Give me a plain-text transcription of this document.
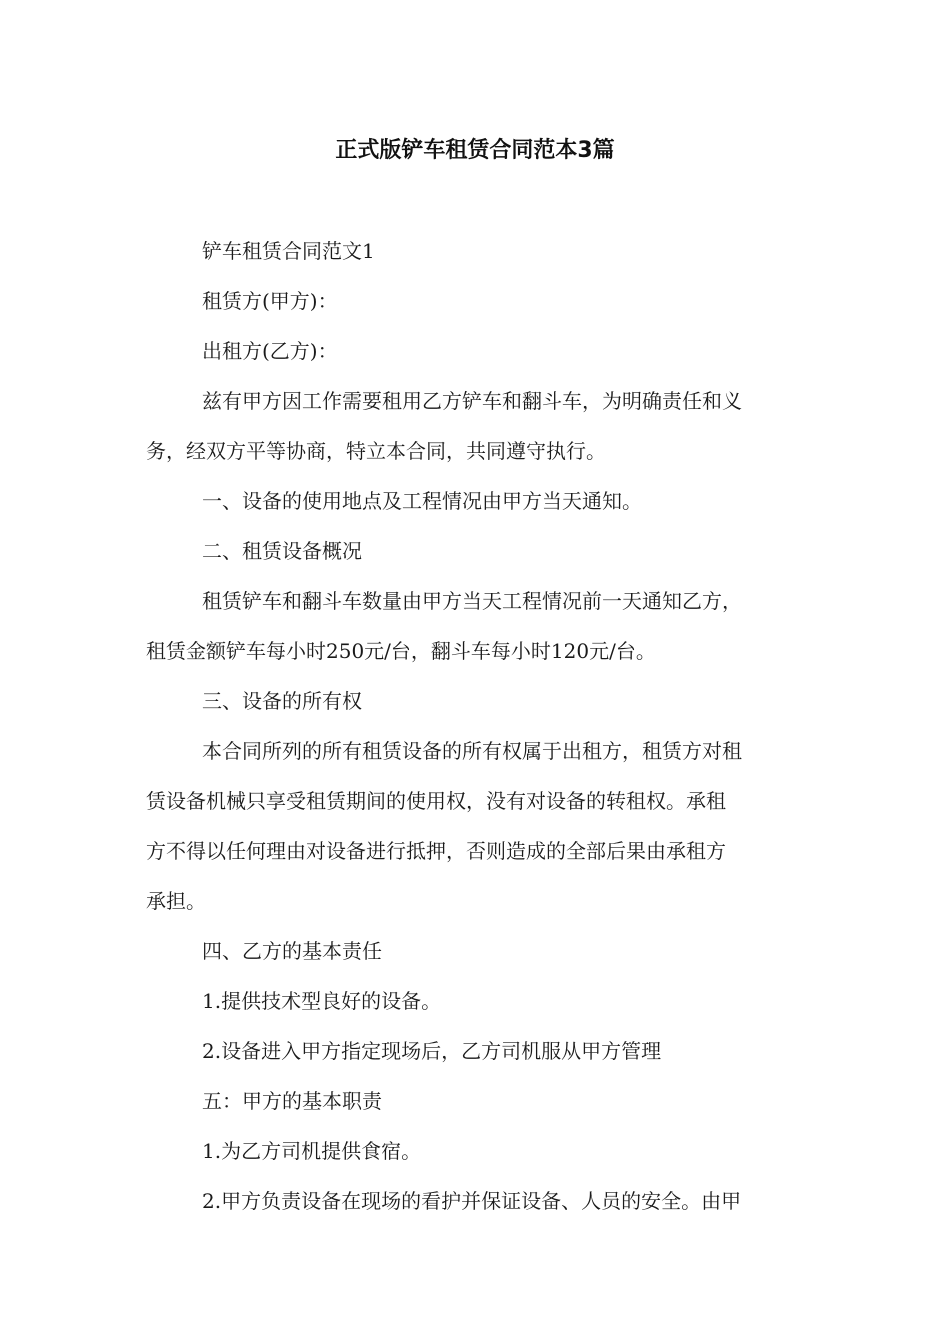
正式版铲车租赁合同范本3篇

铲车租赁合同范文1

租赁方(甲方)：

出租方(乙方)：

兹有甲方因工作需要租用乙方铲车和翻斗车，为明确责任和义

务，经双方平等协商，特立本合同，共同遵守执行。

一、设备的使用地点及工程情况由甲方当天通知。

二、租赁设备概况

租赁铲车和翻斗车数量由甲方当天工程情况前一天通知乙方，

租赁金额铲车每小时250元/台，翻斗车每小时120元/台。

三、设备的所有权

本合同所列的所有租赁设备的所有权属于出租方，租赁方对租

赁设备机械只享受租赁期间的使用权，没有对设备的转租权。承租

方不得以任何理由对设备进行抵押，否则造成的全部后果由承租方

承担。

四、乙方的基本责任

1.提供技术型良好的设备。

2.设备进入甲方指定现场后，乙方司机服从甲方管理

五：甲方的基本职责

1.为乙方司机提供食宿。

2.甲方负责设备在现场的看护并保证设备、人员的安全。由甲
